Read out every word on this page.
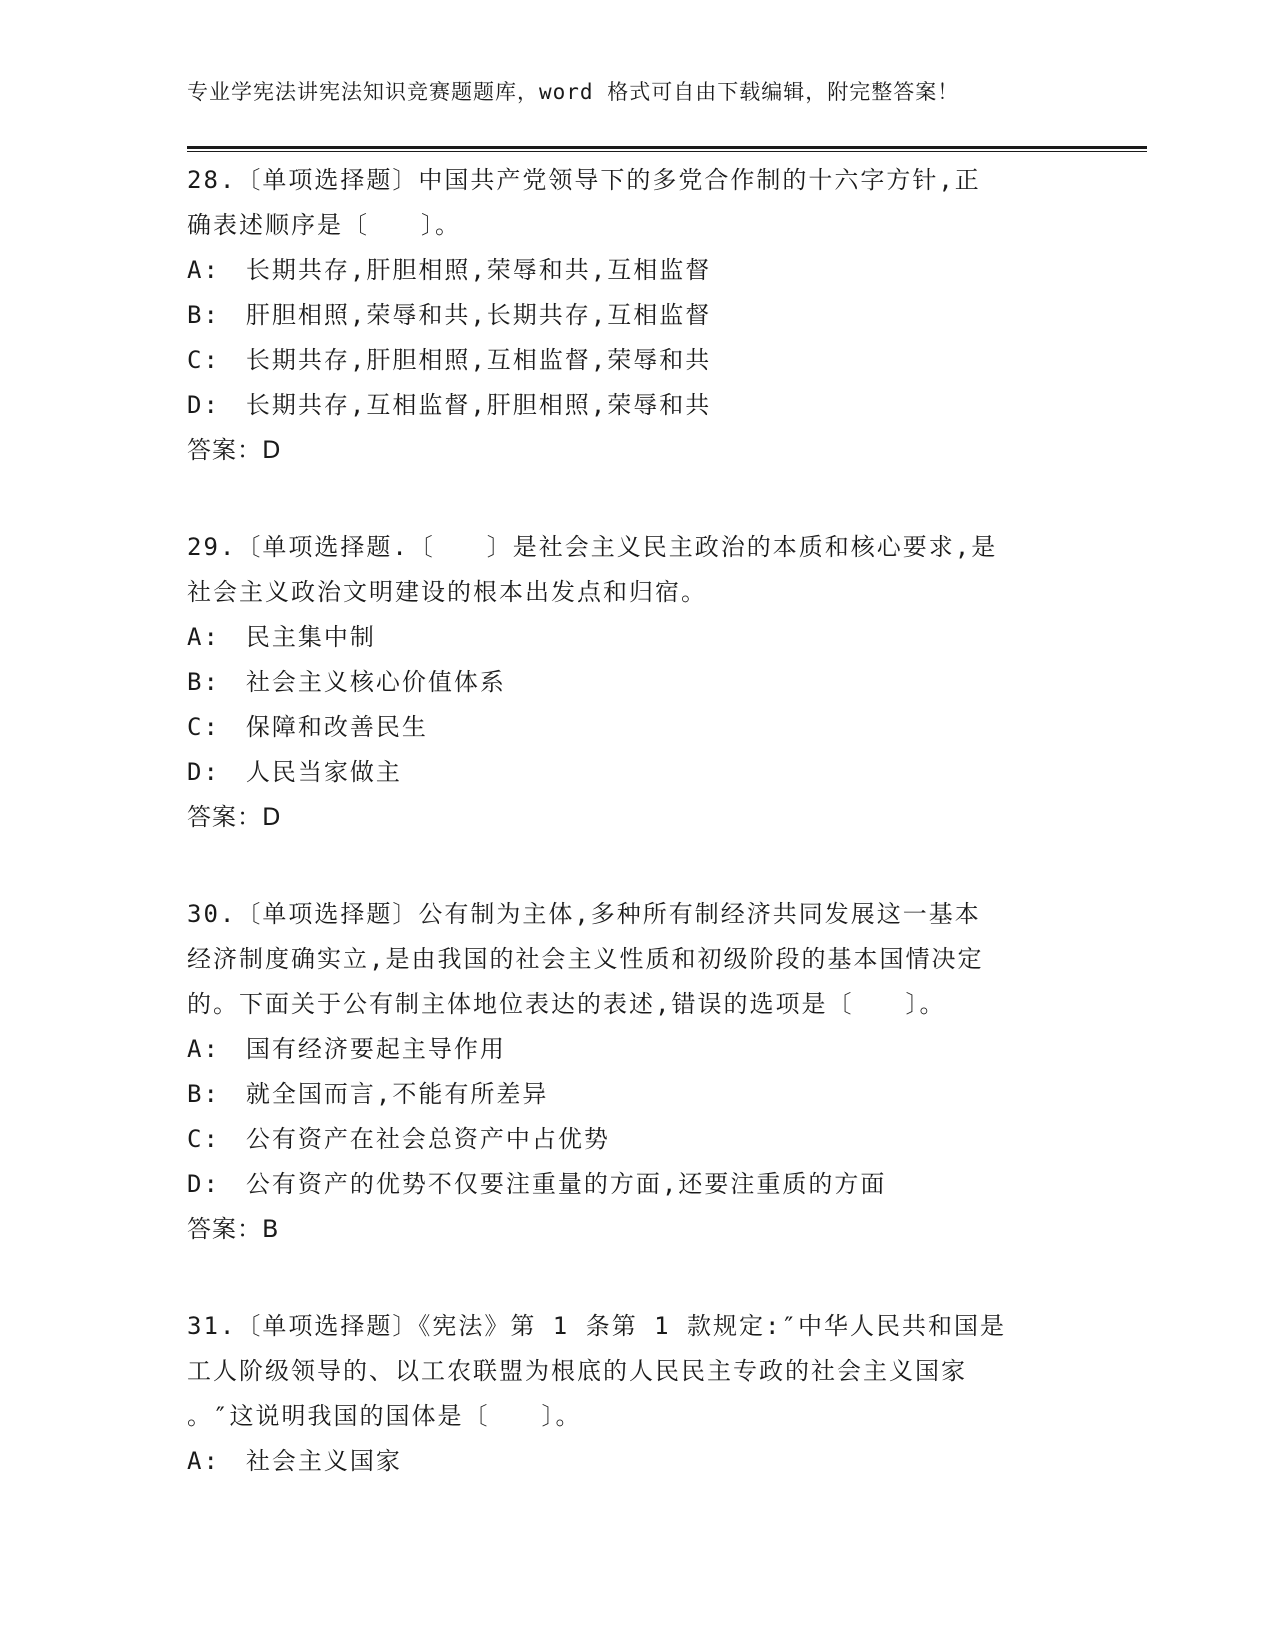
专业学宪法讲宪法知识竞赛题题库，word 格式可自由下载编辑，附完整答案！
28.〔单项选择题〕中国共产党领导下的多党合作制的十六字方针,正
确表述顺序是〔　　〕。
A:　长期共存,肝胆相照,荣辱和共,互相监督
B:　肝胆相照,荣辱和共,长期共存,互相监督
C:　长期共存,肝胆相照,互相监督,荣辱和共
D:　长期共存,互相监督,肝胆相照,荣辱和共
答案：D
29.〔单项选择题.〔　　〕是社会主义民主政治的本质和核心要求,是
社会主义政治文明建设的根本出发点和归宿。
A:　民主集中制
B:　社会主义核心价值体系
C:　保障和改善民生
D:　人民当家做主
答案：D
30.〔单项选择题〕公有制为主体,多种所有制经济共同发展这一基本
经济制度确实立,是由我国的社会主义性质和初级阶段的基本国情决定
的。下面关于公有制主体地位表达的表述,错误的选项是〔　　〕。
A:　国有经济要起主导作用
B:　就全国而言,不能有所差异
C:　公有资产在社会总资产中占优势
D:　公有资产的优势不仅要注重量的方面,还要注重质的方面
答案：B
31.〔单项选择题〕《宪法》第 1 条第 1 款规定:″中华人民共和国是
工人阶级领导的、以工农联盟为根底的人民民主专政的社会主义国家
。″这说明我国的国体是〔　　〕。
A:　社会主义国家
